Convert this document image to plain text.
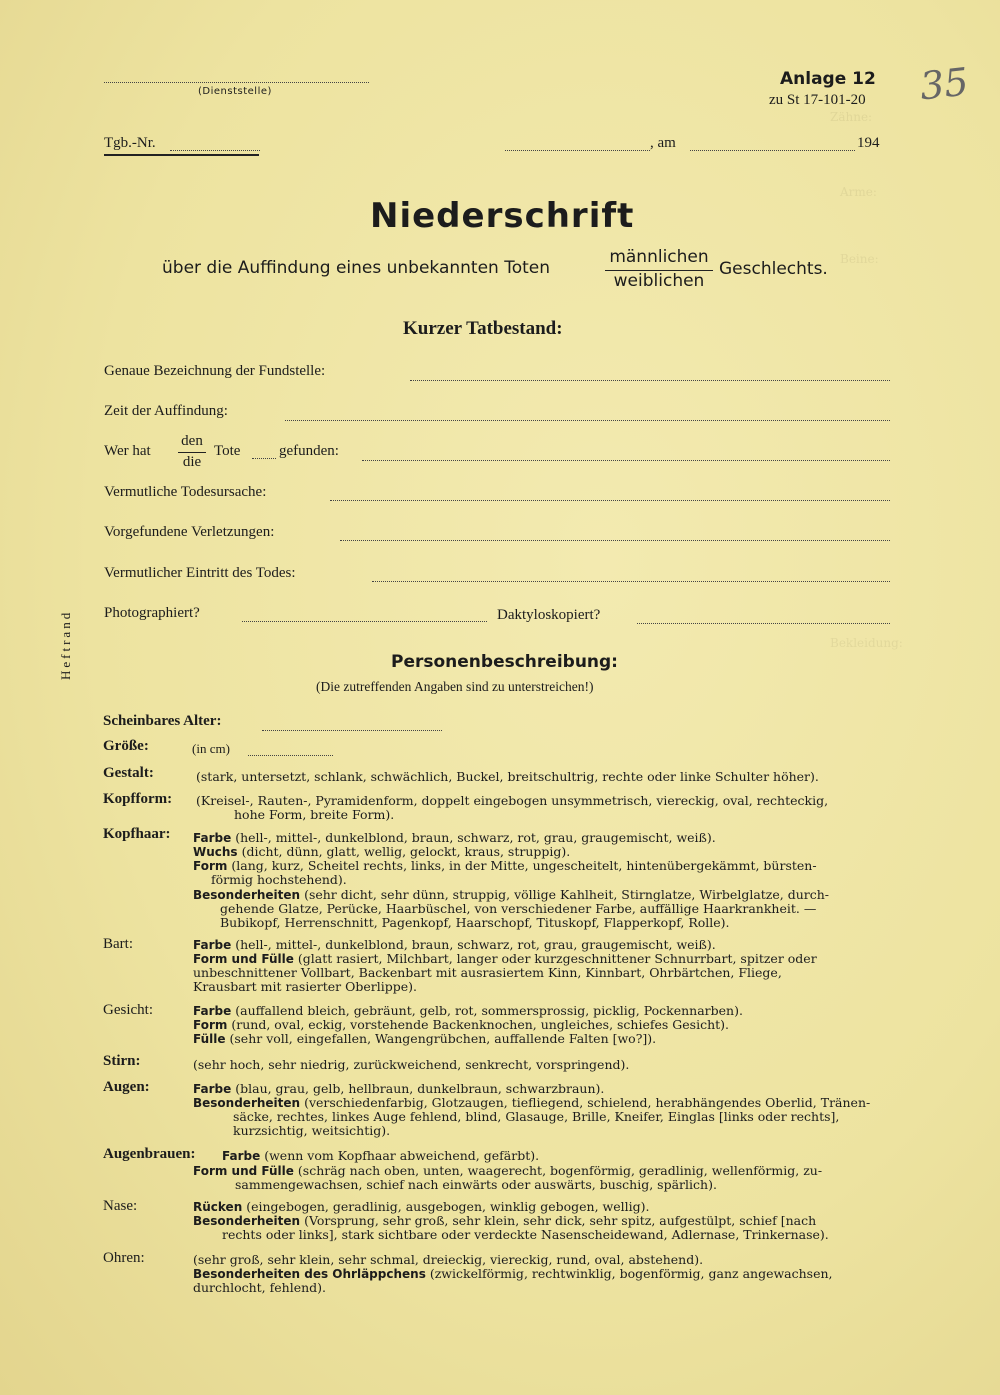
Zähne:
Arme:
Beine:
Bekleidung:
(Dienststelle)
Anlage 12
zu St 17-101-20 35
Tgb.-Nr.	, am	194
Niederschrift
über die Auffindung eines unbekannten Toten
männlichen
weiblichen
Geschlechts.
Kurzer Tatbestand:
Genaue Bezeichnung der Fundstelle:
Zeit der Auffindung:
Wer hat
den
die
Tote	gefunden:
Vermutliche Todesursache:
Vorgefundene Verletzungen:
Vermutlicher Eintritt des Todes:
Photographiert?	Daktyloskopiert?
Heftrand	Personenbeschreibung:
(Die zutreffenden Angaben sind zu unterstreichen!)
Scheinbares Alter:
Größe:	(in cm)
Gestalt:	(stark, untersetzt, schlank, schwächlich, Buckel, breitschultrig, rechte oder linke Schulter höher).
Kopfform: (Kreisel-, Rauten-, Pyramidenform, doppelt eingebogen unsymmetrisch, viereckig, oval, rechteckig,
hohe Form, breite Form).
Kopfhaar: Farbe (hell-, mittel-, dunkelblond, braun, schwarz, rot, grau, graugemischt, weiß).
Wuchs (dicht, dünn, glatt, wellig, gelockt, kraus, struppig).
Form (lang, kurz, Scheitel rechts, links, in der Mitte, ungescheitelt, hintenübergekämmt, bürsten-
förmig hochstehend).
Besonderheiten (sehr dicht, sehr dünn, struppig, völlige Kahlheit, Stirnglatze, Wirbelglatze, durch-
gehende Glatze, Perücke, Haarbüschel, von verschiedener Farbe, auffällige Haarkrankheit. —
Bubikopf, Herrenschnitt, Pagenkopf, Haarschopf, Tituskopf, Flapperkopf, Rolle).
Bart:	Farbe (hell-, mittel-, dunkelblond, braun, schwarz, rot, grau, graugemischt, weiß).
Form und Fülle (glatt rasiert, Milchbart, langer oder kurzgeschnittener Schnurrbart, spitzer oder
unbeschnittener Vollbart, Backenbart mit ausrasiertem Kinn, Kinnbart, Ohrbärtchen, Fliege,
Krausbart mit rasierter Oberlippe).
Gesicht:	Farbe (auffallend bleich, gebräunt, gelb, rot, sommersprossig, picklig, Pockennarben).
Form (rund, oval, eckig, vorstehende Backenknochen, ungleiches, schiefes Gesicht).
Fülle (sehr voll, eingefallen, Wangengrübchen, auffallende Falten [wo?]).
Stirn:	(sehr hoch, sehr niedrig, zurückweichend, senkrecht, vorspringend).
Augen:	Farbe (blau, grau, gelb, hellbraun, dunkelbraun, schwarzbraun).
Besonderheiten (verschiedenfarbig, Glotzaugen, tiefliegend, schielend, herabhängendes Oberlid, Tränen-
säcke, rechtes, linkes Auge fehlend, blind, Glasauge, Brille, Kneifer, Einglas [links oder rechts],
kurzsichtig, weitsichtig).
Augenbrauen: Farbe (wenn vom Kopfhaar abweichend, gefärbt).
Form und Fülle (schräg nach oben, unten, waagerecht, bogenförmig, geradlinig, wellenförmig, zu-
sammengewachsen, schief nach einwärts oder auswärts, buschig, spärlich).
Nase:	Rücken (eingebogen, geradlinig, ausgebogen, winklig gebogen, wellig).
Besonderheiten (Vorsprung, sehr groß, sehr klein, sehr dick, sehr spitz, aufgestülpt, schief [nach
rechts oder links], stark sichtbare oder verdeckte Nasenscheidewand, Adlernase, Trinkernase).
Ohren:	(sehr groß, sehr klein, sehr schmal, dreieckig, viereckig, rund, oval, abstehend).
Besonderheiten des Ohrläppchens (zwickelförmig, rechtwinklig, bogenförmig, ganz angewachsen,
durchlocht, fehlend).
